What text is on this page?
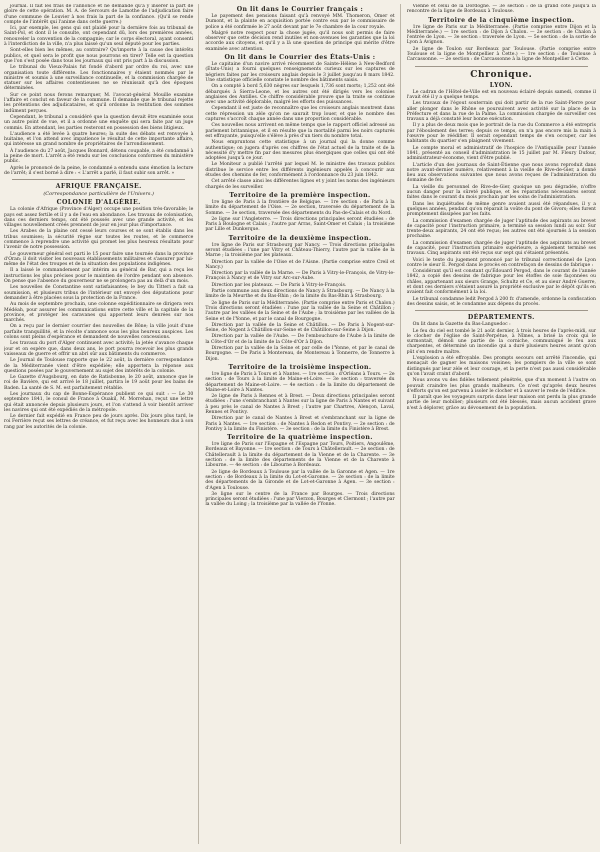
journal. Il fait les frais de l'annonce et ne demande qu'à y insérer la part de gloire de cette opération. M. A. de Sercours de Lamothe de l'adjudication faire d'une commune de Louvier à nos frais la part de la confiance. (Qu'il se rende compte de l'intérêt qui l'anime dans cette guerre.)
Ici, par exemple, les gens qui ont plaidé pour la dernière fois au tribunal de Saint-Pol, et dont il le consulte, ont cependant dû, lors des premières années, renouveler la convention de la compagnie; car le corps électoral, ayant consenti à l'interdiction de la ville, n'a plus laissé qu'un seul député pour les parties.
Sont-elles bien les mêmes, au contraire? Qu'importe à la cause des intérêts publics, et quel sera le profit que nous pourrons en tirer? Telle est la question que l'on s'est posée dans tous les journaux qui ont pris part à la discussion.
Le tribunal du Vieux-Palais fut fondé d'abord par ordre du roi, avec une organisation toute différente. Les fonctionnaires y étaient nommés par le ministre et soumis à une surveillance continuelle, et la commission chargée de statuer sur les affaires contentieuses ne se réunissait qu'à des époques déterminées.
Sur ce point nous ferons remarquer, M. l'avocat-général Mouille examine l'affaire et conclut en faveur de la commune. Il demande que le tribunal rejette les prétentions des adjudicataires, et qu'il ordonne la restitution des sommes indûment perçues.
Cependant, le tribunal a considéré que la question devait être examinée sous un autre point de vue, et il a ordonné une enquête qui sera faite par un juge commis. En attendant, les parties resteront en possession des biens litigieux.
L'audience a été levée à quatre heures; la suite des débats est renvoyée à huitaine, et l'on attend avec impatience le résultat de cette importante affaire, qui intéresse un grand nombre de propriétaires de l'arrondissement.
À l'audience du 27 août, Jacques Bonnard, détenu coupable, a été condamné à la peine de mort. L'arrêt a été rendu sur les conclusions conformes du ministère public.
Après le prononcé de la peine, le condamné a entendu sans émotion la lecture de l'arrêt; il s'est borné à dire : « L'arrêt a parlé, il faut subir son arrêt. »
AFRIQUE FRANÇAISE.
(Correspondance particulière de l'Univers.)
COLONIE D'ALGÉRIE.
La colonie d'Afrique (Province d'Alger) occupe une position très-favorable; le pays est assez fertile et il y a de l'eau en abondance. Les travaux de colonisation, dans ces derniers temps, ont été poussés avec une grande activité, et les villages nouvellement créés prennent de jour en jour plus d'importance.
Les Arabes de la plaine ont cessé leurs courses et se sont établis dans les tribus soumises; la sécurité règne sur toutes les routes, et le commerce commence à reprendre une activité qui promet les plus heureux résultats pour l'avenir de notre possession.
Le gouverneur général est parti le 15 pour faire une tournée dans la province d'Oran; il doit visiter les nouveaux établissements militaires et s'assurer par lui-même de l'état des troupes et de la situation des populations indigènes.
Il a laissé le commandement par intérim au général de Bar, qui a reçu les instructions les plus précises pour le maintien de l'ordre pendant son absence. On pense que l'absence du gouverneur ne se prolongera pas au delà d'un mois.
Les nouvelles de Constantine sont satisfaisantes; le bey du Titteri a fait sa soumission, et plusieurs tribus de l'intérieur ont envoyé des députations pour demander à être placées sous la protection de la France.
Au mois de septembre prochain, une colonne expéditionnaire se dirigera vers Médéah, pour assurer les communications entre cette ville et la capitale de la province, et protéger les caravanes qui apportent leurs denrées sur nos marchés.
On a reçu par le dernier courrier des nouvelles de Bône; la ville jouit d'une parfaite tranquillité, et la récolte s'annonce sous les plus heureux auspices. Les colons sont pleins d'espérance et demandent de nouvelles concessions.
Les travaux du port d'Alger continuent avec activité; la jetée s'avance chaque jour et on espère que, dans deux ans, le port pourra recevoir les plus grands vaisseaux de guerre et offrir un abri sûr aux bâtiments du commerce.
Le Journal de Toulouse rapporte que le 22 août, la dernière correspondance de la Méditerranée vient d'être expédiée; elle apportera la réponse aux questions posées par le gouvernement au sujet des intérêts de la colonie.
Le Gazette d'Augsbourg, en date de Ratisbonne, le 20 août, annonce que le roi de Bavière, qui est arrivé le 18 juillet, partira le 19 août pour les bains de Baden. La santé de S. M. est parfaitement rétablie.
Les journaux du cap de Bonne-Espérance publient ce qui suit : — Le 30 septembre 1841, le consul de France à Ouakil, M. Morrehan, reçut une lettre qui était annoncée depuis plusieurs jours, et l'on s'attend à voir bientôt arriver les navires qui ont été expédiés de la métropole.
Le dernier fait expédié en France peu de jours après. Dix jours plus tard, le roi Ferrière reçut ses lettres de créance, et fut reçu avec les honneurs dus à son rang par les autorités de la colonie.
On lit dans le Courrier français :
Le payement des pensions faisant qu'à renvoyé MM. Thomeron, Omer et Dumont, et la plainte en acquisition portée contre eux par le commissaire de police a été confirmée le 27 août devant par le 7e chambre de la cour royale.
Malgré notre respect pour la chose jugée, qu'il nous soit permis de faire observer que cette décision rend inutiles et non-avenues les garanties que la loi accorde aux citoyens, et qu'il y a là une question de principe qui mérite d'être examinée avec attention.
On lit dans le Courrier des États-Unis :
Le capitaine d'un navire arrivé récemment de Sainte-Hélène à New-Bedford (États-Unis) a fourni quelques renseignements curieux sur les captures de négriers faites par les croiseurs anglais depuis le 3 juillet jusqu'au 8 mars 1842. Une statistique officielle constate le nombre des bâtiments saisis.
On a compté à bord 5,630 nègres sur lesquels 1,736 sont morts; 1,252 ont été débarqués à Sierra-Leone, et les autres ont été dirigés vers les colonies anglaises des Antilles. Ce chiffre considérable prouve que la traite se continue avec une activité déplorable, malgré les efforts des puissances.
Cependant il est juste de reconnaître que les croiseurs anglais montrent dans cette répression un zèle qu'on ne saurait trop louer, et que le nombre des captures s'accroît chaque année dans une proportion considérable.
Ces nouvelles nous arrivent en même temps que le rapport officiel adressé au parlement britannique, et il en résulte que la mortalité parmi les noirs capturés est effrayante, puisqu'elle s'élève à près d'un tiers du nombre total.
Nous empruntons cette statistique à un journal qui la donne comme authentique; on jugera d'après ces chiffres de l'état actuel de la traite et de la nécessité d'y mettre fin par des mesures plus énergiques que celles qui ont été adoptées jusqu'à ce jour.
Le Moniteur a publié l'arrêté par lequel M. le ministre des travaux publics distribue le service entre les différents ingénieurs appelés à concourir aux études des chemins de fer, conformément à l'ordonnance du 23 juin 1842.
Cet arrêté classe ainsi les différentes lignes et y joint les noms des ingénieurs chargés de les surveiller.
Territoire de la première inspection.
1re ligne de Paris à la frontière de Belgique. — 1re section : de Paris à la limite du département de l'Oise. — 2e section, traversée du département de la Somme. — 3e section, traversée des départements du Pas-de-Calais et du Nord.
2e ligne sur l'Angleterre. — Trois directions principales seront étudiées : de Paris à Boulogne et Calais ; l'autre par Arras, Saint-Omer et Calais ; la troisième par Lille et Dunkerque.
Territoire de la deuxième inspection.
1re ligne de Paris sur Strasbourg par Nancy. — Trois directions principales seront étudiées : l'une par Vitry et Château-Thierry, l'autre par la vallée de la Marne ; la troisième par les plateaux.
Direction par la vallée de l'Oise et de l'Aisne. (Partie comprise entre Creil et Nancy.)
Direction par la vallée de la Marne. — De Paris à Vitry-le-François, de Vitry-le-François à Nancy et de Vitry sur Arc-sur-Aube.
Direction par les plateaux. — De Paris à Vitry-le-François.
Partie commune aux deux directions de Nancy à Strasbourg. — De Nancy à la limite de la Meurthe et du Bas-Rhin ; de la limite du Bas-Rhin à Strasbourg.
2e ligne de Paris sur la Méditerranée. (Partie comprise entre Paris et Chalon.) Trois directions seront étudiées : l'une par la vallée de la Seine et Châtillon ; l'autre par les vallées de la Seine et de l'Aube ; la troisième par les vallées de la Seine et de l'Yonne, et par le canal de Bourgogne.
Direction par la vallée de la Seine et Châtillon. — De Paris à Nogent-sur-Seine, de Nogent à Châtillon-sur-Seine et de Châtillon-sur-Seine à Dijon.
Direction par la vallée de l'Aube. — De l'embouchure de l'Aube à la limite de la Côte-d'Or et de la limite de la Côte-d'Or à Dijon.
Direction par la vallée de la Seine et par celle de l'Yonne, et par le canal de Bourgogne. — De Paris à Montereau, de Montereau à Tonnerre, de Tonnerre à Dijon.
Territoire de la troisième inspection.
1re ligne de Paris à Tours et à Nantes. — 1re section : d'Orléans à Tours. — 2e section : de Tours à la limite de Maine-et-Loire. — 3e section : traversée du département de Maine-et-Loire. — 4e section : de la limite du département de Maine-et-Loire à Nantes.
2e ligne de Paris à Rennes et à Brest. — Deux directions principales seront étudiées : l'une s'embranchant à Nantes sur la ligne de Paris à Nantes et suivant à peu près le canal de Nantes à Brest ; l'autre par Chartres, Alençon, Laval, Rennes et Pontivy.
Direction par le canal de Nantes à Brest et s'embranchant sur la ligne de Paris à Nantes. — 1re section : de Nantes à Redon et Pontivy. — 2e section : de Pontivy à la limite du Finistère. — 3e section : de la limite du Finistère à Brest.
Territoire de la quatrième inspection.
1re ligne de Paris sur l'Espagne et l'Espagne par Tours, Poitiers, Angoulême, Bordeaux et Bayonne. — 1re section : de Tours à Châtellerault. — 2e section : de Châtellerault à la limite du département de la Vienne et de la Charente. — 3e section : de la limite des départements de la Vienne et de la Charente à Libourne. — 4e section : de Libourne à Bordeaux.
2e ligne de Bordeaux à Toulouse par la vallée de la Garonne et Agen. — 1re section : de Bordeaux à la limite du Lot-et-Garonne. — 2e section : de la limite des départements de la Gironde et de Lot-et-Garonne à Agen. — 3e section : d'Agen à Toulouse.
3e ligne sur le centre de la France par Bourges. — Trois directions principales seront étudiées : l'une par Vierzon, Bourges et Clermont ; l'autre par la vallée du Loing ; la troisième par la vallée de l'Yonne.
Vienne et celui de la Dordogne. — 3e section : de la grand côte jusqu'à la rencontre de la ligne de Bordeaux à Toulouse.
Territoire de la cinquième inspection.
1re ligne de Paris sur la Méditerranée. (Partie comprise entre Dijon et la Méditerranée.) — 1re section : de Dijon à Chalon. — 2e section : de Chalon à l'entrée de Lyon. — 3e section : traversée de Lyon. — 5e section : de la sortie de Lyon à Avignon.
2e ligne de Toulon sur Bordeaux par Toulouse. (Partie comprise entre Toulouse et la ligne de Montpellier à Cette.) — 1re section : de Toulouse à Carcassonne. — 2e section : de Carcassonne à la ligne de Montpellier à Cette.
Chronique.
LYON.
Le cadran de l'Hôtel-de-Ville est en nouveau éclairé depuis samedi, comme il l'avait été il y a quelque temps.
Les travaux de l'égout souterrain qui doit partir de la rue Saint-Pierre pour aller plonger dans le Rhône se poursuivent avec activité sur la place de la Préfecture et dans la rue de la Palme. La commission chargée de surveiller ces travaux a déjà constaté leur bonne exécution.
Il y a plus de deux mois que le portrait de la rue du Commerce a été entrepris par l'éboulement des terres; depuis ce temps, on n'a pas encore mis la main à l'œuvre pour le réédifier. Il serait cependant temps de s'en occuper, car les habitants du quartier s'en plaignent vivement.
Le compte moral et administratif de l'hospice de l'Antiquaille pour l'année 1841, présenté au conseil d'administration le 15 juillet par M. Fleury Dufour, administrateur-économe, vient d'être publié.
L'article d'un des journaux de Saint-Étienne que nous avons reproduit dans notre avant-dernier numéro, relativement à la vieille de Rive-de-Gier, a donné lieu aux observations suivantes que nous avons reçues de l'administration du domaine de fer.
La vieille du personnel de Rive-de-Gier, quoique un peu dégradée, n'offre aucun danger pour la sûreté publique, et les réparations nécessaires seront faites dans le courant du mois prochain par les soins de l'administration.
Dans les inquiétudes de même genre avaient aussi été répandues, il y a quelques années, pendant qu'on réparait la voûte du pont de Givors; elles furent promptement dissipées par les faits.
La commission d'examen chargée de juger l'aptitude des aspirants au brevet de capacité pour l'instruction primaire, a terminé sa session lundi au soir. Sur trente-deux aspirants, 24 ont été reçus; les autres ont été ajournés à la session prochaine.
La commission d'examen chargée de juger l'aptitude des aspirants au brevet de capacité, pour l'instruction primaire supérieure, a également terminé ses travaux. Cinq aspirants ont été reçus sur sept qui s'étaient présentés.
Voici le texte du jugement prononcé par le tribunal correctionnel de Lyon contre le sieur E. Pergod dans le procès en contrefaçon de dessins de fabrique :
Considérant qu'il est constant qu'Édouard Pergod, dans le courant de l'année 1842, a copié des dessins de fabrique pour les étoffes de soie façonnées ou châles, appartenant aux sieurs Grange, Schultz et Ce, et au sieur André Guerre, et dont ces derniers s'étaient assuré la propriété exclusive par le dépôt qu'ils en avaient fait conformément à la loi.
Le tribunal condamne ledit Pergod à 200 fr. d'amende, ordonne la confiscation des dessins saisis, et le condamne aux dépens du procès.
DÉPARTEMENTS.
On lit dans la Gazette du Bas-Languedoc :
Le feu du ciel est tombé le 21 août dernier, à trois heures de l'après-midi, sur le clocher de l'église de Saint-Perpétue, à Nîmes, a brisé la croix qui le surmontait, démoli une partie de la corniche, communiqué le feu aux charpentes, et déterminé un incendie qui a duré plusieurs heures avant qu'on pût s'en rendre maître.
L'explosion a été effroyable. Des prompts secours ont arrêté l'incendie, qui menaçait de gagner les maisons voisines; les pompiers de la ville se sont distingués par leur zèle et leur courage, et la perte n'est pas aussi considérable qu'on l'avait craint d'abord.
Nous avons vu des fidèles tellement pénétrés, que d'un moment à l'autre on pouvait craindre les plus grands malheurs. Ce n'est qu'après deux heures d'efforts qu'on est parvenu à isoler le clocher et à sauver le reste de l'édifice.
Il paraît que les voyageurs surpris dans leur maison ont perdu la plus grande partie de leur mobilier; plusieurs ont été blessés, mais aucun accident grave n'est à déplorer, grâce au dévouement de la population.
